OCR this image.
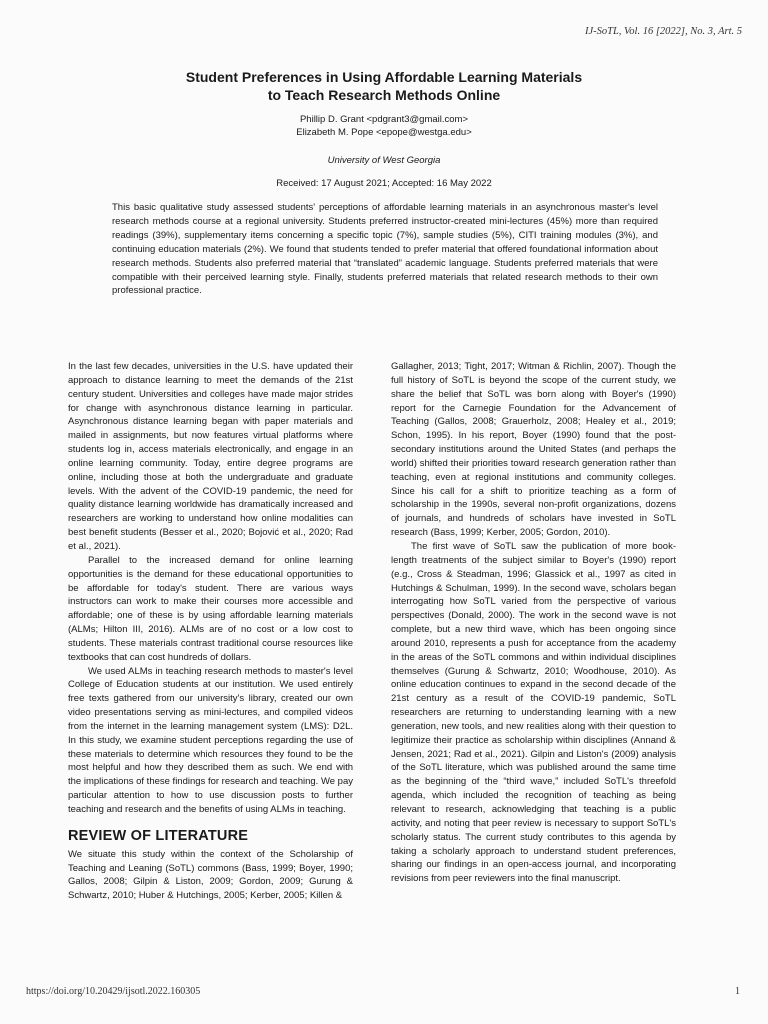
IJ-SoTL, Vol. 16 [2022], No. 3, Art. 5
Student Preferences in Using Affordable Learning Materials
to Teach Research Methods Online
Phillip D. Grant <pdgrant3@gmail.com>
Elizabeth M. Pope <epope@westga.edu>
University of West Georgia
Received: 17 August 2021; Accepted: 16 May 2022
This basic qualitative study assessed students' perceptions of affordable learning materials in an asynchronous master's level research methods course at a regional university. Students preferred instructor-created mini-lectures (45%) more than required readings (39%), supplementary items concerning a specific topic (7%), sample studies (5%), CITI training modules (3%), and continuing education materials (2%). We found that students tended to prefer material that offered foundational information about research methods. Students also preferred material that “translated” academic language. Students preferred materials that were compatible with their perceived learning style. Finally, students preferred materials that related research methods to their own professional practice.

In the last few decades, universities in the U.S. have updated their approach to distance learning to meet the demands of the 21st century student. Universities and colleges have made major strides for change with asynchronous distance learning in particular. Asynchronous distance learning began with paper materials and mailed in assignments, but now features virtual platforms where students log in, access materials electronically, and engage in an online learning community. Today, entire degree programs are online, including those at both the undergraduate and graduate levels. With the advent of the COVID-19 pandemic, the need for quality distance learning worldwide has dramatically increased and researchers are working to understand how online modalities can best benefit students (Besser et al., 2020; Bojović et al., 2020; Rad et al., 2021).

Parallel to the increased demand for online learning opportunities is the demand for these educational opportunities to be affordable for today's student. There are various ways instructors can work to make their courses more accessible and affordable; one of these is by using affordable learning materials (ALMs; Hilton III, 2016). ALMs are of no cost or a low cost to students. These materials contrast traditional course resources like textbooks that can cost hundreds of dollars.

We used ALMs in teaching research methods to master's level College of Education students at our institution. We used entirely free texts gathered from our university's library, created our own video presentations serving as mini-lectures, and compiled videos from the internet in the learning management system (LMS): D2L. In this study, we examine student perceptions regarding the use of these materials to determine which resources they found to be the most helpful and how they described them as such. We end with the implications of these findings for research and teaching. We pay particular attention to how to use discussion posts to further teaching and research and the benefits of using ALMs in teaching.

REVIEW OF LITERATURE

We situate this study within the context of the Scholarship of Teaching and Leaning (SoTL) commons (Bass, 1999; Boyer, 1990; Gallos, 2008; Gilpin & Liston, 2009; Gordon, 2009; Gurung & Schwartz, 2010; Huber & Hutchings, 2005; Kerber, 2005; Killen &

Gallagher, 2013; Tight, 2017; Witman & Richlin, 2007). Though the full history of SoTL is beyond the scope of the current study, we share the belief that SoTL was born along with Boyer's (1990) report for the Carnegie Foundation for the Advancement of Teaching (Gallos, 2008; Grauerholz, 2008; Healey et al., 2019; Schon, 1995). In his report, Boyer (1990) found that the post-secondary institutions around the United States (and perhaps the world) shifted their priorities toward research generation rather than teaching, even at regional institutions and community colleges. Since his call for a shift to prioritize teaching as a form of scholarship in the 1990s, several non-profit organizations, dozens of journals, and hundreds of scholars have invested in SoTL research (Bass, 1999; Kerber, 2005; Gordon, 2010).

The first wave of SoTL saw the publication of more book-length treatments of the subject similar to Boyer's (1990) report (e.g., Cross & Steadman, 1996; Glassick et al., 1997 as cited in Hutchings & Schulman, 1999). In the second wave, scholars began interrogating how SoTL varied from the perspective of various perspectives (Donald, 2000). The work in the second wave is not complete, but a new third wave, which has been ongoing since around 2010, represents a push for acceptance from the academy in the areas of the SoTL commons and within individual disciplines themselves (Gurung & Schwartz, 2010; Woodhouse, 2010). As online education continues to expand in the second decade of the 21st century as a result of the COVID-19 pandemic, SoTL researchers are returning to understanding learning with a new generation, new tools, and new realities along with their question to legitimize their practice as scholarship within disciplines (Annand & Jensen, 2021; Rad et al., 2021). Gilpin and Liston's (2009) analysis of the SoTL literature, which was published around the same time as the beginning of the “third wave,” included SoTL's threefold agenda, which included the recognition of teaching as being relevant to research, acknowledging that teaching is a public activity, and noting that peer review is necessary to support SoTL's scholarly status. The current study contributes to this agenda by taking a scholarly approach to understand student preferences, sharing our findings in an open-access journal, and incorporating revisions from peer reviewers into the final manuscript.

https://doi.org/10.20429/ijsotl.2022.160305	1
